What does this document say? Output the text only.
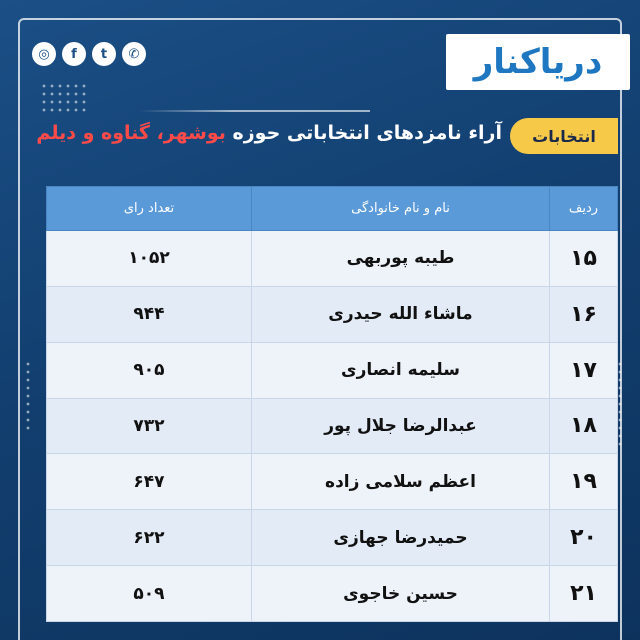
◎	f	t	✆	دریاکنار
انتخابات
آراء نامزدهای انتخاباتی حوزه بوشهر، گناوه و دیلم
ردیف	نام و نام خانوادگی	تعداد رای
۱۵	طیبه پوربهی	۱۰۵۲
۱۶	ماشاء الله حیدری	۹۴۴
۱۷	سلیمه انصاری	۹۰۵
۱۸	عبدالرضا جلال پور	۷۳۲
۱۹	اعظم سلامی زاده	۶۴۷
۲۰	حمیدرضا جهازی	۶۲۲
۲۱	حسین خاجوی	۵۰۹
